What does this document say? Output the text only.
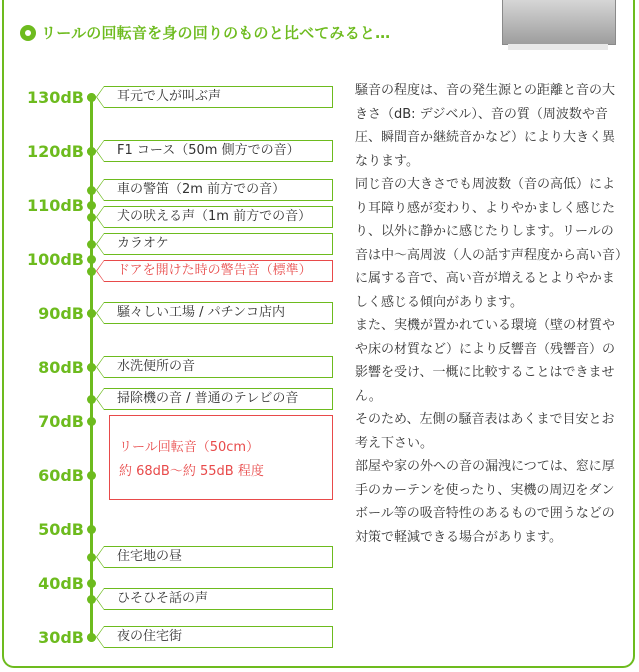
リールの回転音を身の回りのものと比べてみると…
130dB
120dB
110dB
100dB
90dB
80dB
70dB
60dB
50dB
40dB
30dB
耳元で人が叫ぶ声
F1 コース（50m 側方での音）
車の警笛（2m 前方での音）
犬の吠える声（1m 前方での音）
カラオケ
ドアを開けた時の警告音（標準）
騒々しい工場 / パチンコ店内
水洗便所の音
掃除機の音 / 普通のテレビの音
住宅地の昼
ひそひそ話の声
夜の住宅街
リール回転音（50cm）
約 68dB〜約 55dB 程度

騒音の程度は、音の発生源との距離と音の大きさ（dB: デジベル）、音の質（周波数や音圧、瞬間音か継続音かなど）により大きく異なります。

同じ音の大きさでも周波数（音の高低）により耳障り感が変わり、よりやかましく感じたり、以外に静かに感じたりします。リールの音は中〜高周波（人の話す声程度から高い音）に属する音で、高い音が増えるとよりやかましく感じる傾向があります。

また、実機が置かれている環境（壁の材質やや床の材質など）により反響音（残響音）の影響を受け、一概に比較することはできません。

そのため、左側の騒音表はあくまで目安とお考え下さい。

部屋や家の外への音の漏洩につては、窓に厚手のカーテンを使ったり、実機の周辺をダンボール等の吸音特性のあるもので囲うなどの対策で軽減できる場合があります。
